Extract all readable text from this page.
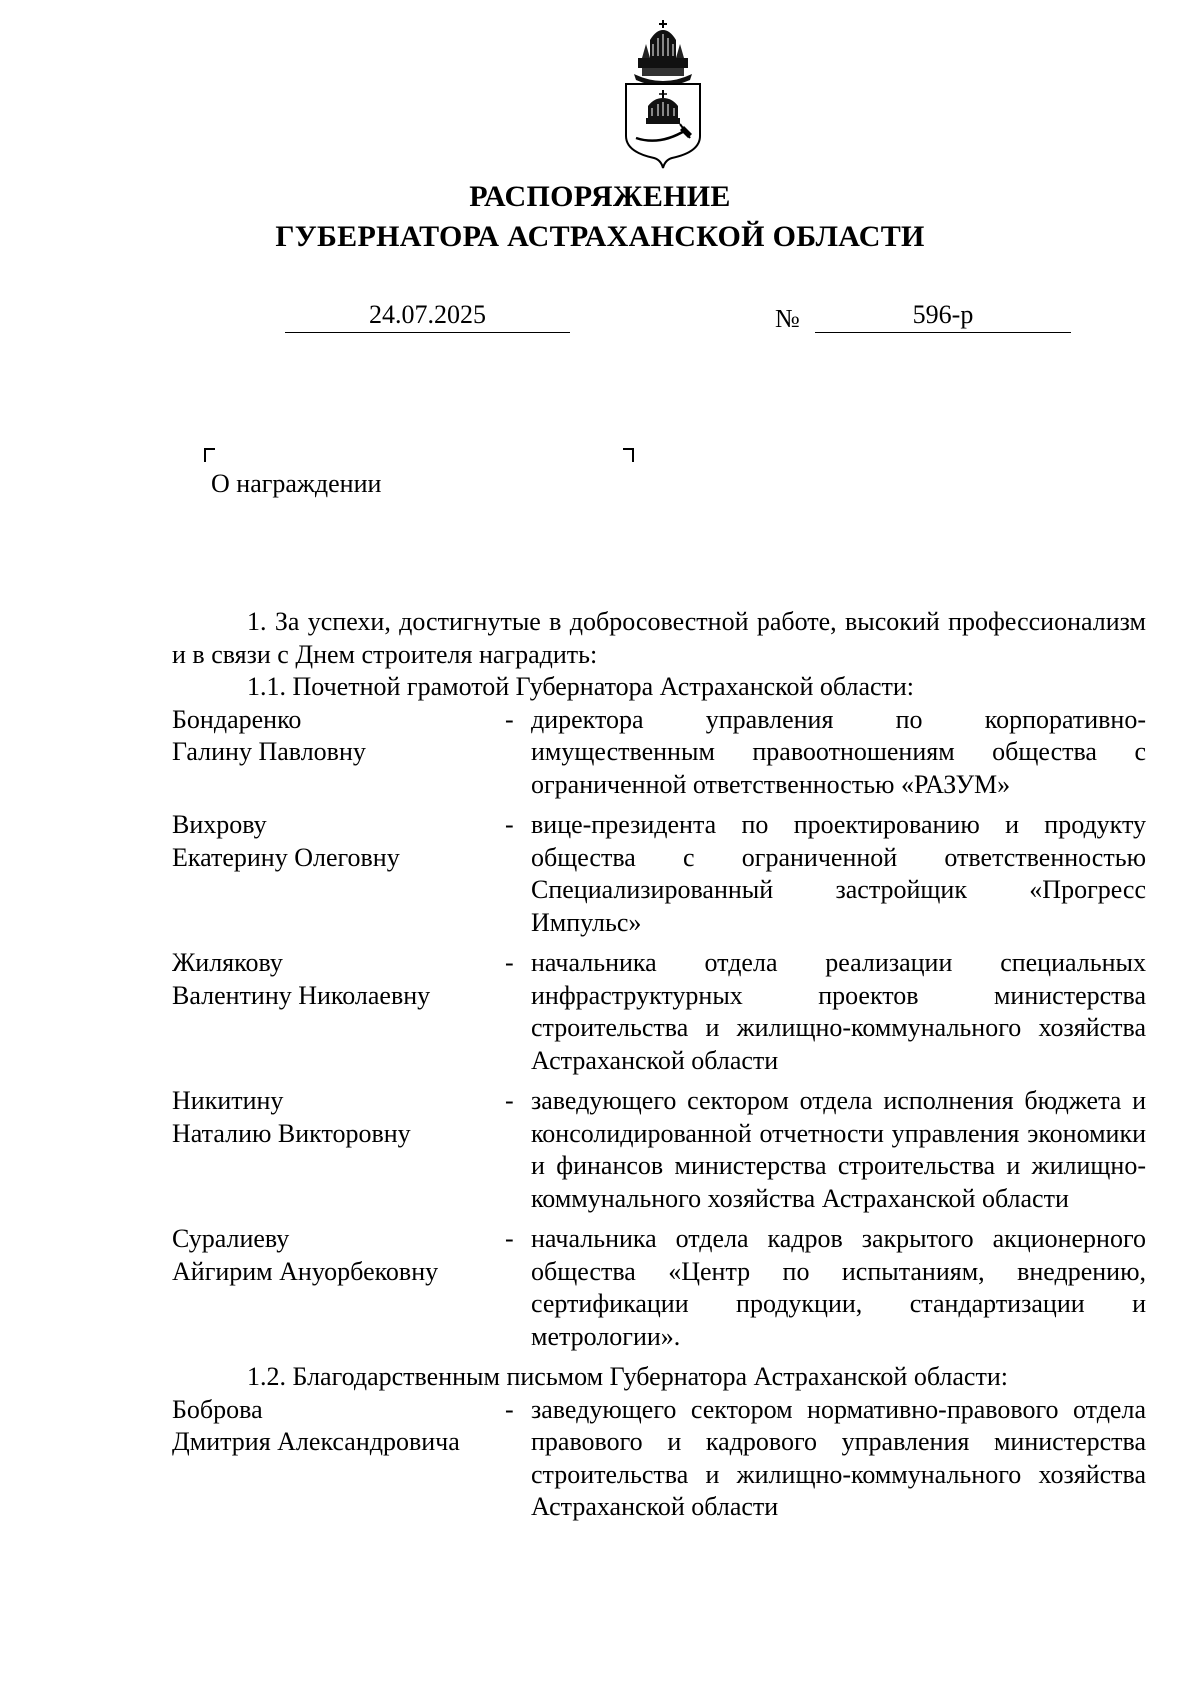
РАСПОРЯЖЕНИЕ
ГУБЕРНАТОРА АСТРАХАНСКОЙ ОБЛАСТИ
24.07.2025	№	596-р
О награждении

1. За успехи, достигнутые в добросовестной работе, высокий профессионализм и в связи с Днем строителя наградить:

1.1. Почетной грамотой Губернатора Астраханской области:

Бондаренко
Галину Павловну
- директора управления по корпоративно-имущественным правоотношениям общества с ограниченной ответственностью «РАЗУМ»
Вихрову
Екатерину Олеговну
- вице-президента по проектированию и продукту общества с ограниченной ответственностью Специализированный застройщик «Прогресс Импульс»
Жилякову
Валентину Николаевну
- начальника отдела реализации специальных инфраструктурных проектов министерства строительства и жилищно-коммунального хозяйства Астраханской области
Никитину
Наталию Викторовну
- заведующего сектором отдела исполнения бюджета и консолидированной отчетности управления экономики и финансов министерства строительства и жилищно-коммунального хозяйства Астраханской области
Суралиеву
Айгирим Ануорбековну
- начальника отдела кадров закрытого акционерного общества «Центр по испытаниям, внедрению, сертификации продукции, стандартизации и метрологии».

1.2. Благодарственным письмом Губернатора Астраханской области:

Боброва
Дмитрия Александровича
- заведующего сектором нормативно-правового отдела правового и кадрового управления министерства строительства и жилищно-коммунального хозяйства Астраханской области
